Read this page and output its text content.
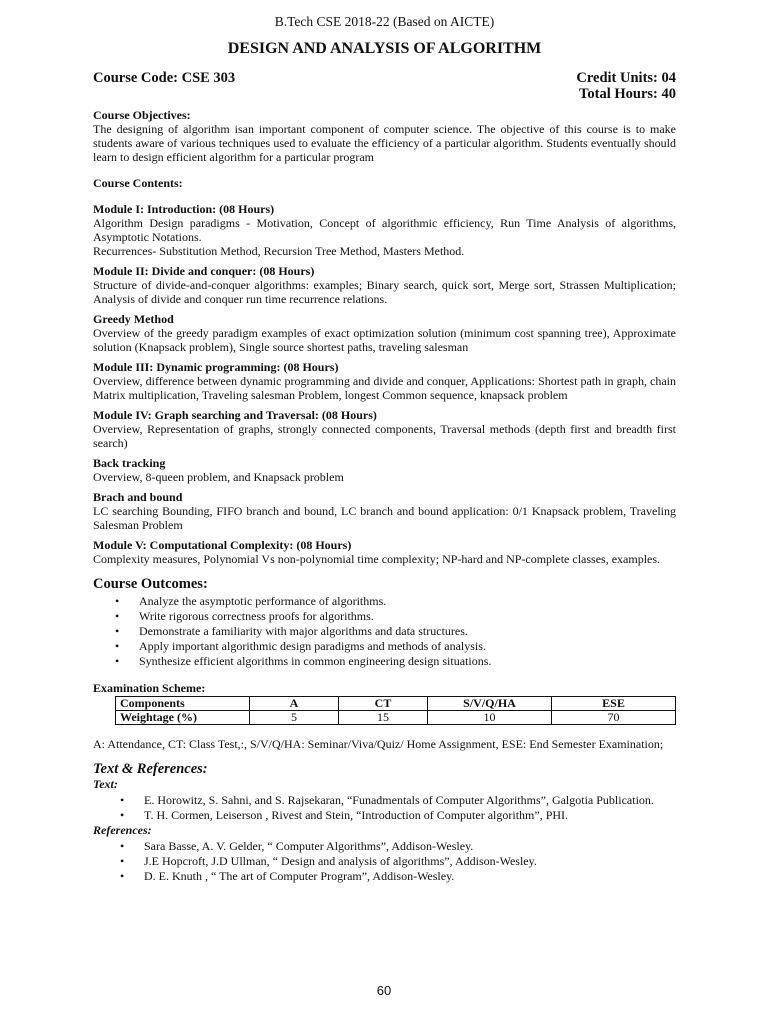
B.Tech CSE 2018-22 (Based on AICTE)
DESIGN AND ANALYSIS OF ALGORITHM
Course Code: CSE 303	Credit Units: 04
Total Hours: 40
Course Objectives:
The designing of algorithm isan important component of computer science. The objective of this course is to make students aware of various techniques used to evaluate the efficiency of a particular algorithm. Students eventually should learn to design efficient algorithm for a particular program
Course Contents:
Module I: Introduction: (08 Hours)
Algorithm Design paradigms - Motivation, Concept of algorithmic efficiency, Run Time Analysis of algorithms, Asymptotic Notations.
Recurrences- Substitution Method, Recursion Tree Method, Masters Method.
Module II: Divide and conquer: (08 Hours)
Structure of divide-and-conquer algorithms: examples; Binary search, quick sort, Merge sort, Strassen Multiplication; Analysis of divide and conquer run time recurrence relations.
Greedy Method
Overview of the greedy paradigm examples of exact optimization solution (minimum cost spanning tree), Approximate solution (Knapsack problem), Single source shortest paths, traveling salesman
Module III: Dynamic programming: (08 Hours)
Overview, difference between dynamic programming and divide and conquer, Applications: Shortest path in graph, chain Matrix multiplication, Traveling salesman Problem, longest Common sequence, knapsack problem
Module IV: Graph searching and Traversal: (08 Hours)
Overview, Representation of graphs, strongly connected components, Traversal methods (depth first and breadth first search)
Back tracking
Overview, 8-queen problem, and Knapsack problem
Brach and bound
LC searching Bounding, FIFO branch and bound, LC branch and bound application: 0/1 Knapsack problem, Traveling Salesman Problem
Module V: Computational Complexity: (08 Hours)
Complexity measures, Polynomial Vs non-polynomial time complexity; NP-hard and NP-complete classes, examples.
Course Outcomes:
• Analyze the asymptotic performance of algorithms.
• Write rigorous correctness proofs for algorithms.
• Demonstrate a familiarity with major algorithms and data structures.
• Apply important algorithmic design paradigms and methods of analysis.
• Synthesize efficient algorithms in common engineering design situations.
Examination Scheme:
Components	A	CT	S/V/Q/HA	ESE
Weightage (%)	5	15	10	70
A: Attendance, CT: Class Test,:, S/V/Q/HA: Seminar/Viva/Quiz/ Home Assignment, ESE: End Semester Examination;
Text & References:
Text:
• E. Horowitz, S. Sahni, and S. Rajsekaran, “Funadmentals of Computer Algorithms”, Galgotia Publication.
• T. H. Cormen, Leiserson , Rivest and Stein, “Introduction of Computer algorithm”, PHI.
References:
• Sara Basse, A. V. Gelder, “ Computer Algorithms”, Addison-Wesley.
• J.E Hopcroft, J.D Ullman, “ Design and analysis of algorithms”, Addison-Wesley.
• D. E. Knuth , “ The art of Computer Program”, Addison-Wesley.
60
